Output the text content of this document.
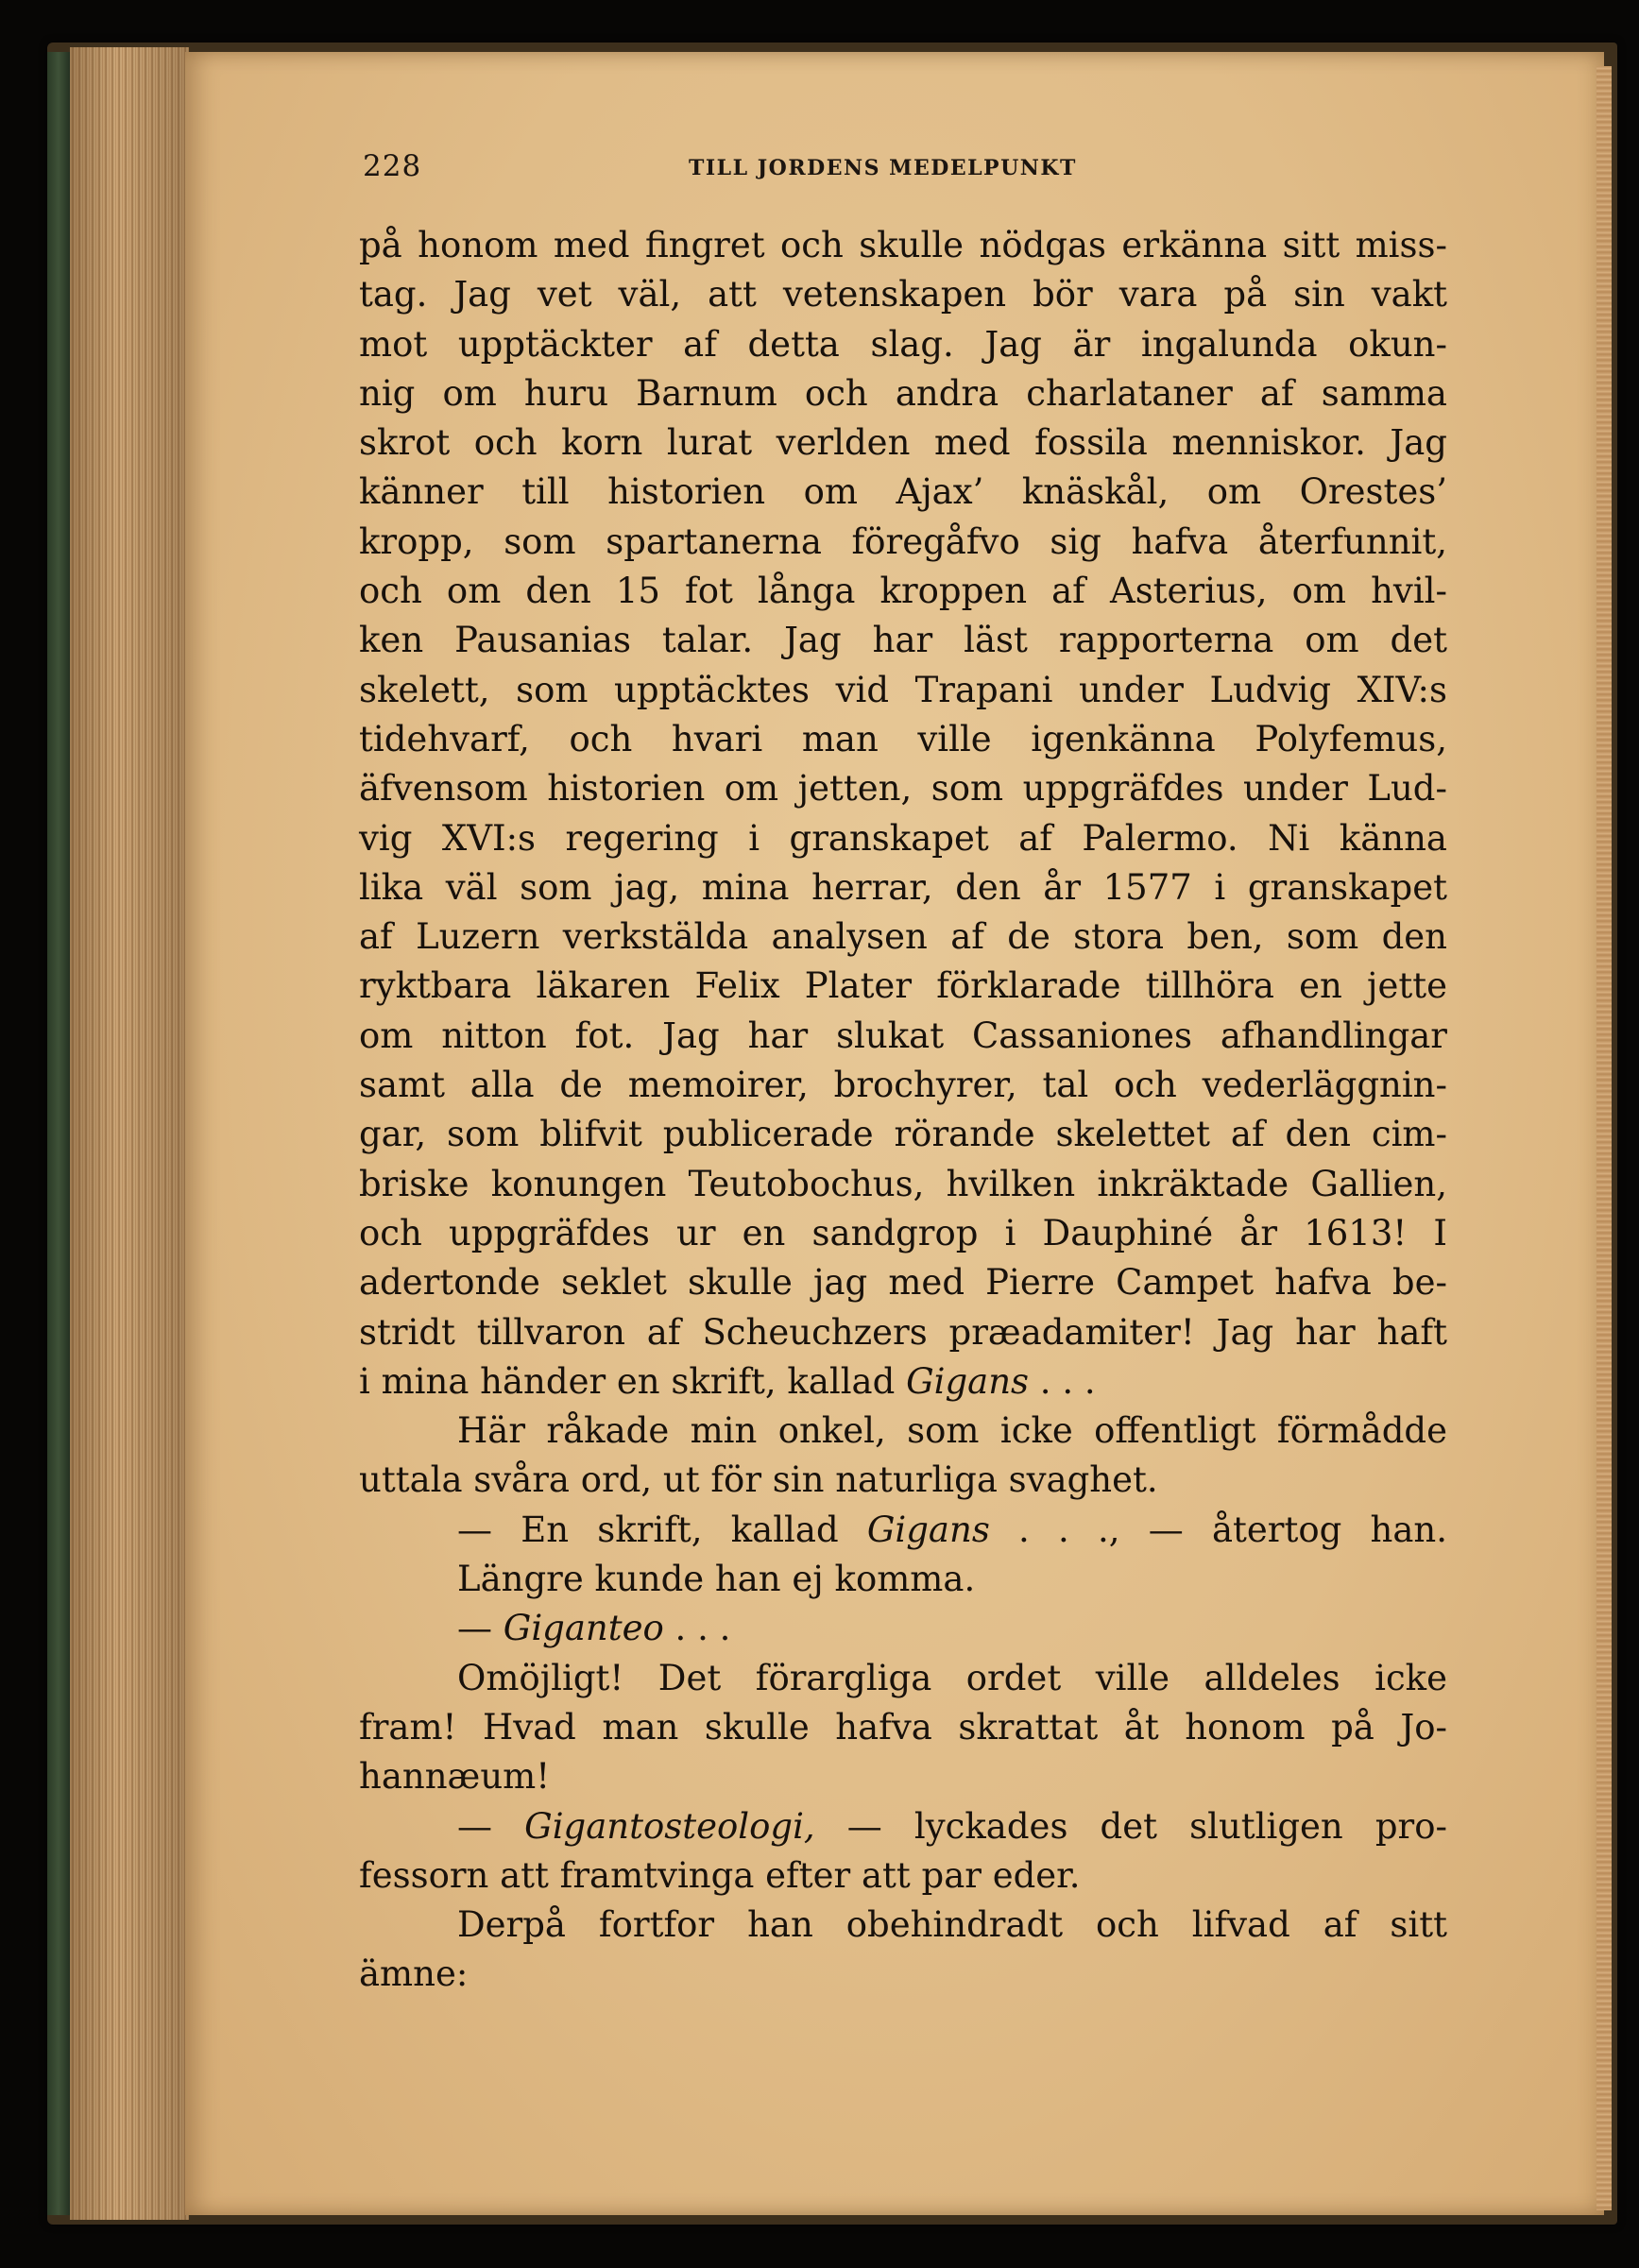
228	TILL JORDENS MEDELPUNKT
på honom med fingret och skulle nödgas erkänna sitt miss-
tag. Jag vet väl, att vetenskapen bör vara på sin vakt
mot upptäckter af detta slag. Jag är ingalunda okun-
nig om huru Barnum och andra charlataner af samma
skrot och korn lurat verlden med fossila menniskor. Jag
känner till historien om Ajax’ knäskål, om Orestes’
kropp, som spartanerna föregåfvo sig hafva återfunnit,
och om den 15 fot långa kroppen af Asterius, om hvil-
ken Pausanias talar. Jag har läst rapporterna om det
skelett, som upptäcktes vid Trapani under Ludvig XIV:s
tidehvarf, och hvari man ville igenkänna Polyfemus,
äfvensom historien om jetten, som uppgräfdes under Lud-
vig XVI:s regering i granskapet af Palermo. Ni känna
lika väl som jag, mina herrar, den år 1577 i granskapet
af Luzern verkstälda analysen af de stora ben, som den
ryktbara läkaren Felix Plater förklarade tillhöra en jette
om nitton fot. Jag har slukat Cassaniones afhandlingar
samt alla de memoirer, brochyrer, tal och vederläggnin-
gar, som blifvit publicerade rörande skelettet af den cim-
briske konungen Teutobochus, hvilken inkräktade Gallien,
och uppgräfdes ur en sandgrop i Dauphiné år 1613! I
adertonde seklet skulle jag med Pierre Campet hafva be-
stridt tillvaron af Scheuchzers præadamiter! Jag har haft
i mina händer en skrift, kallad Gigans . . .
Här råkade min onkel, som icke offentligt förmådde
uttala svåra ord, ut för sin naturliga svaghet.
— En skrift, kallad Gigans . . ., — återtog han.
Längre kunde han ej komma.
— Giganteo . . .
Omöjligt! Det förargliga ordet ville alldeles icke
fram! Hvad man skulle hafva skrattat åt honom på Jo-
hannæum!
— Gigantosteologi, — lyckades det slutligen pro-
fessorn att framtvinga efter att par eder.
Derpå fortfor han obehindradt och lifvad af sitt
ämne:
